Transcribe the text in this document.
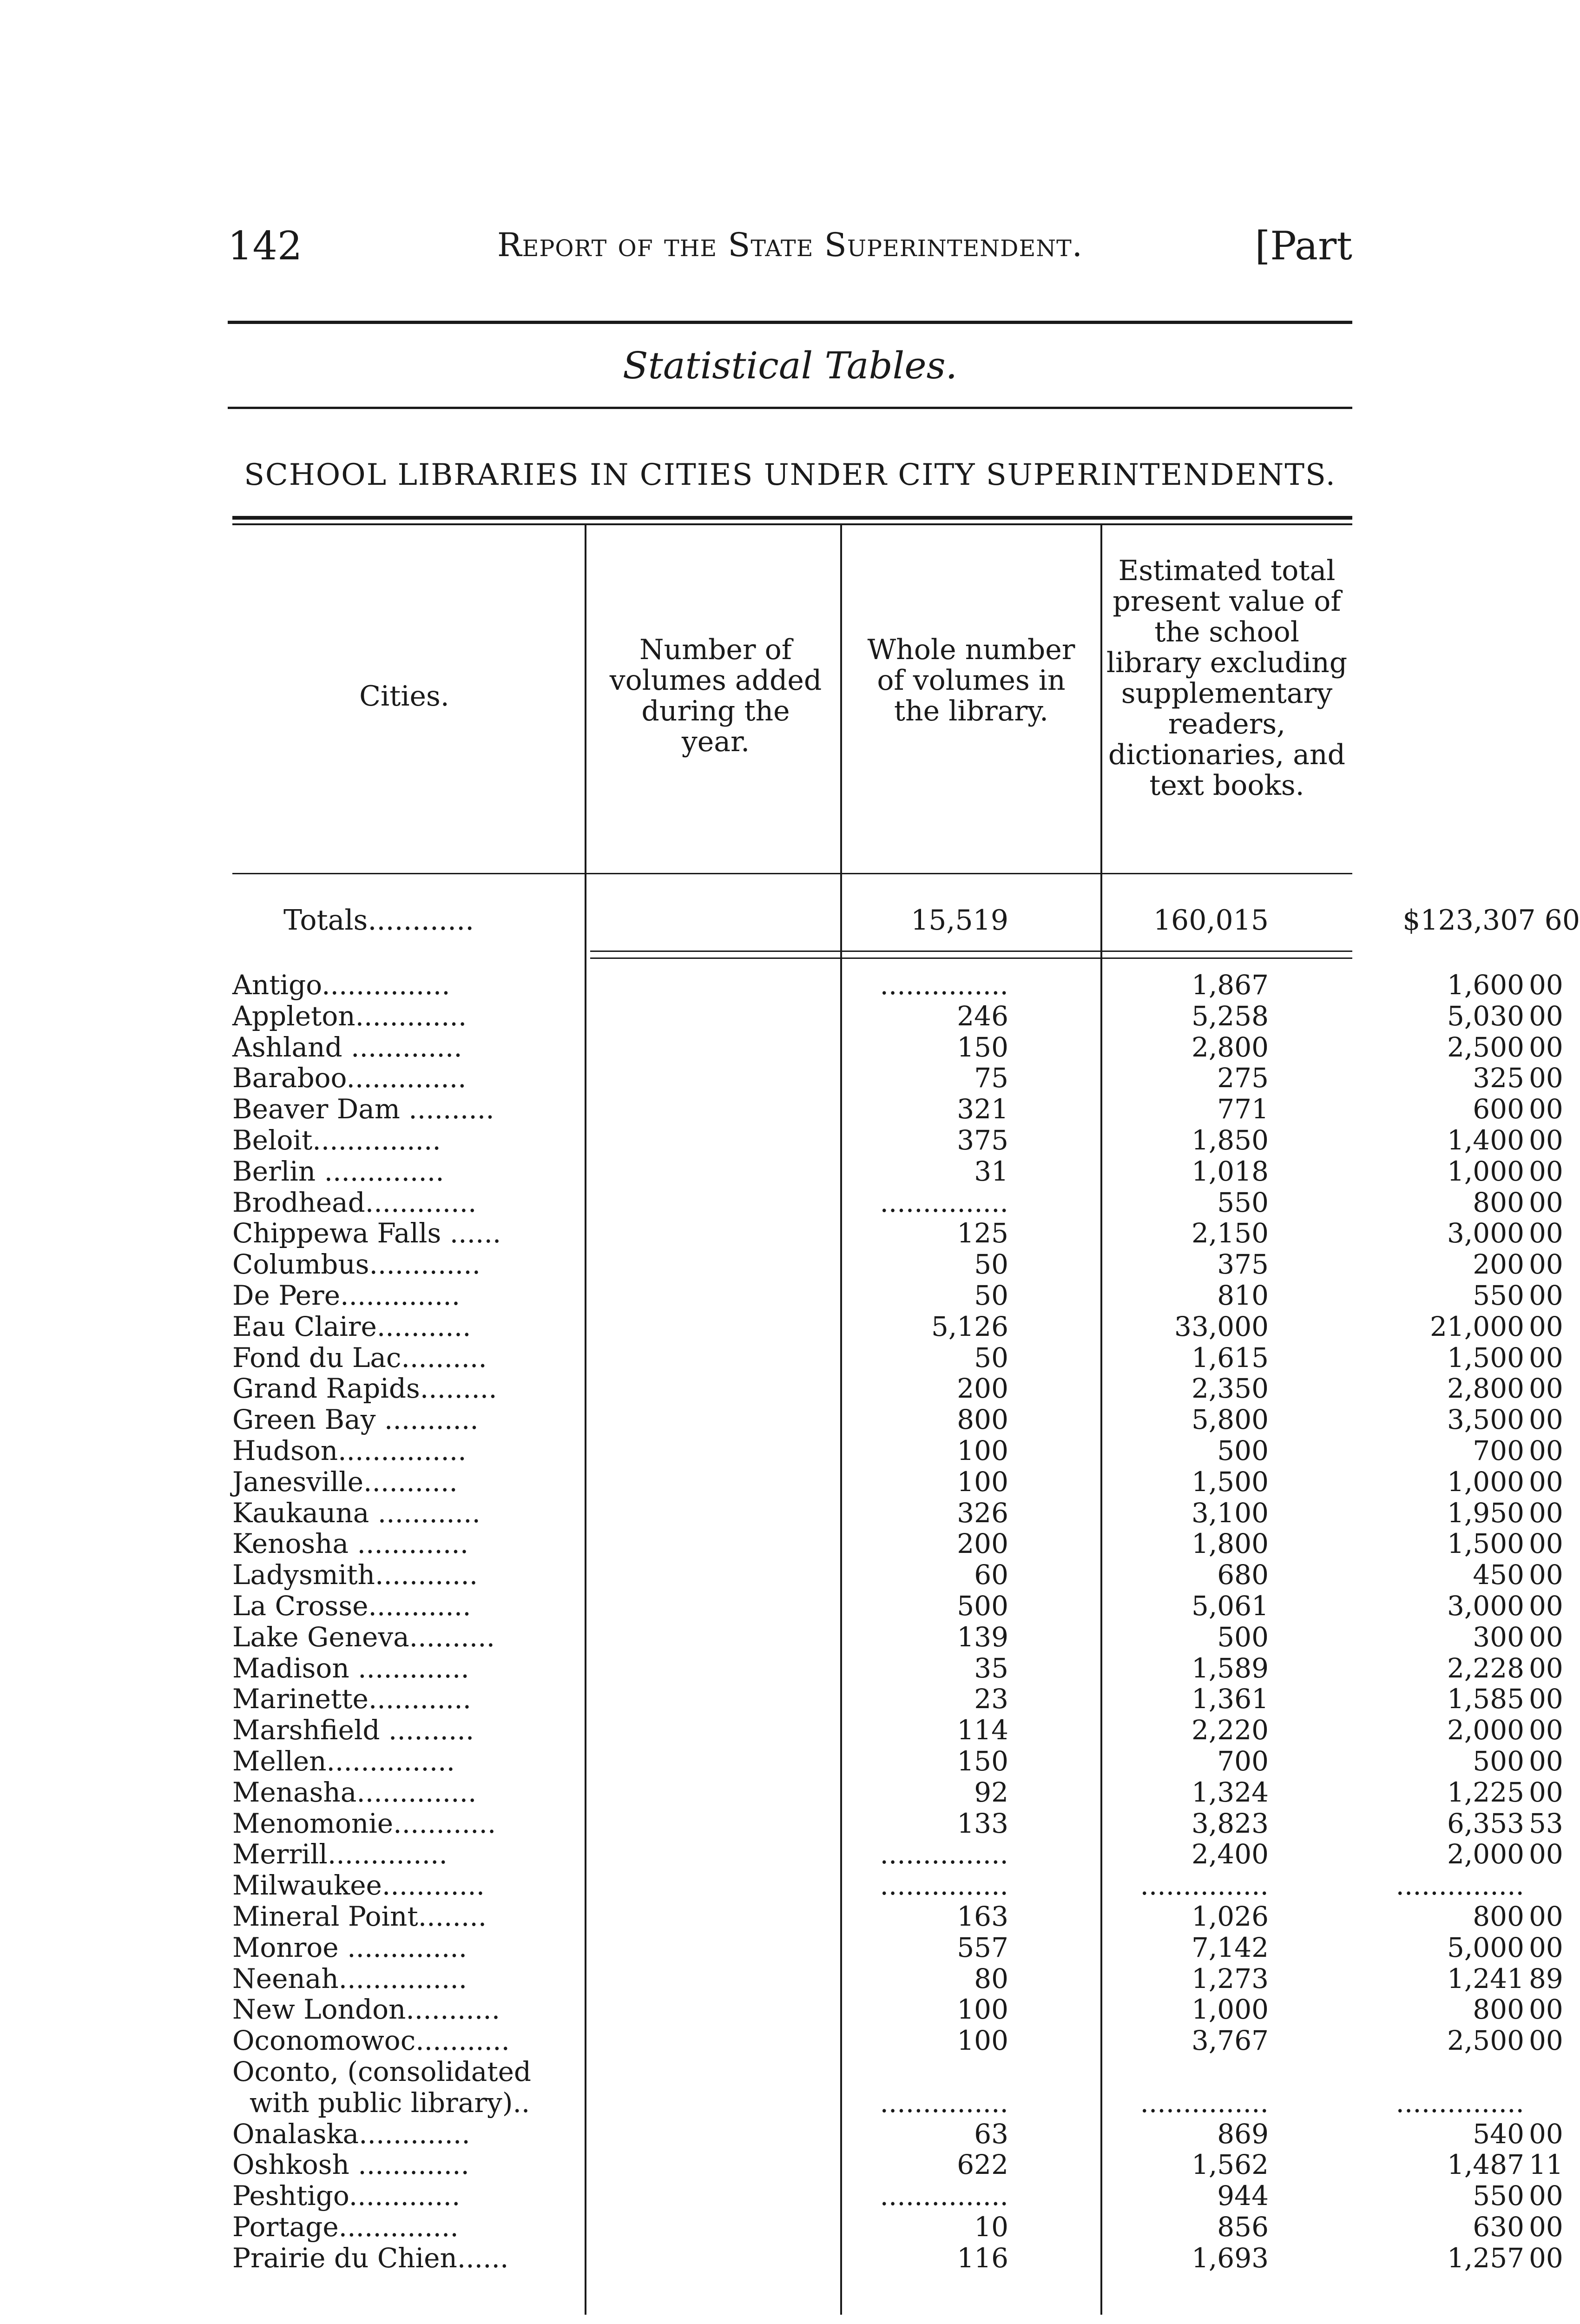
142	Report of the State Superintendent.	[Part
Statistical Tables.
SCHOOL LIBRARIES IN CITIES UNDER CITY SUPERINTENDENTS.
Cities.
Number of volumes added during the year.
Whole number of volumes in the library.
Estimated total present value of the school library excluding supplementary readers, dictionaries, and text books.
Totals............	15,519	160,015	$123,307 60
Antigo...............	...............	1,867	1,600 00
Appleton.............	246	5,258	5,030 00
Ashland .............	150	2,800	2,500 00
Baraboo..............	75	275	325 00
Beaver Dam ..........	321	771	600 00
Beloit...............	375	1,850	1,400 00
Berlin ..............	31	1,018	1,000 00
Brodhead.............	...............	550	800 00
Chippewa Falls ......	125	2,150	3,000 00
Columbus.............	50	375	200 00
De Pere..............	50	810	550 00
Eau Claire...........	5,126	33,000	21,000 00
Fond du Lac..........	50	1,615	1,500 00
Grand Rapids.........	200	2,350	2,800 00
Green Bay ...........	800	5,800	3,500 00
Hudson...............	100	500	700 00
Janesville...........	100	1,500	1,000 00
Kaukauna ............	326	3,100	1,950 00
Kenosha .............	200	1,800	1,500 00
Ladysmith............	60	680	450 00
La Crosse............	500	5,061	3,000 00
Lake Geneva..........	139	500	300 00
Madison .............	35	1,589	2,228 00
Marinette............	23	1,361	1,585 00
Marshfield ..........	114	2,220	2,000 00
Mellen...............	150	700	500 00
Menasha..............	92	1,324	1,225 00
Menomonie............	133	3,823	6,353 53
Merrill..............	...............	2,400	2,000 00
Milwaukee............	...............	...............	...............
Mineral Point........	163	1,026	800 00
Monroe ..............	557	7,142	5,000 00
Neenah...............	80	1,273	1,241 89
New London...........	100	1,000	800 00
Oconomowoc...........	100	3,767	2,500 00
Oconto, (consolidated
with public library)..	...............	...............	...............
Onalaska.............	63	869	540 00
Oshkosh .............	622	1,562	1,487 11
Peshtigo.............	...............	944	550 00
Portage..............	10	856	630 00
Prairie du Chien......	116	1,693	1,257 00
